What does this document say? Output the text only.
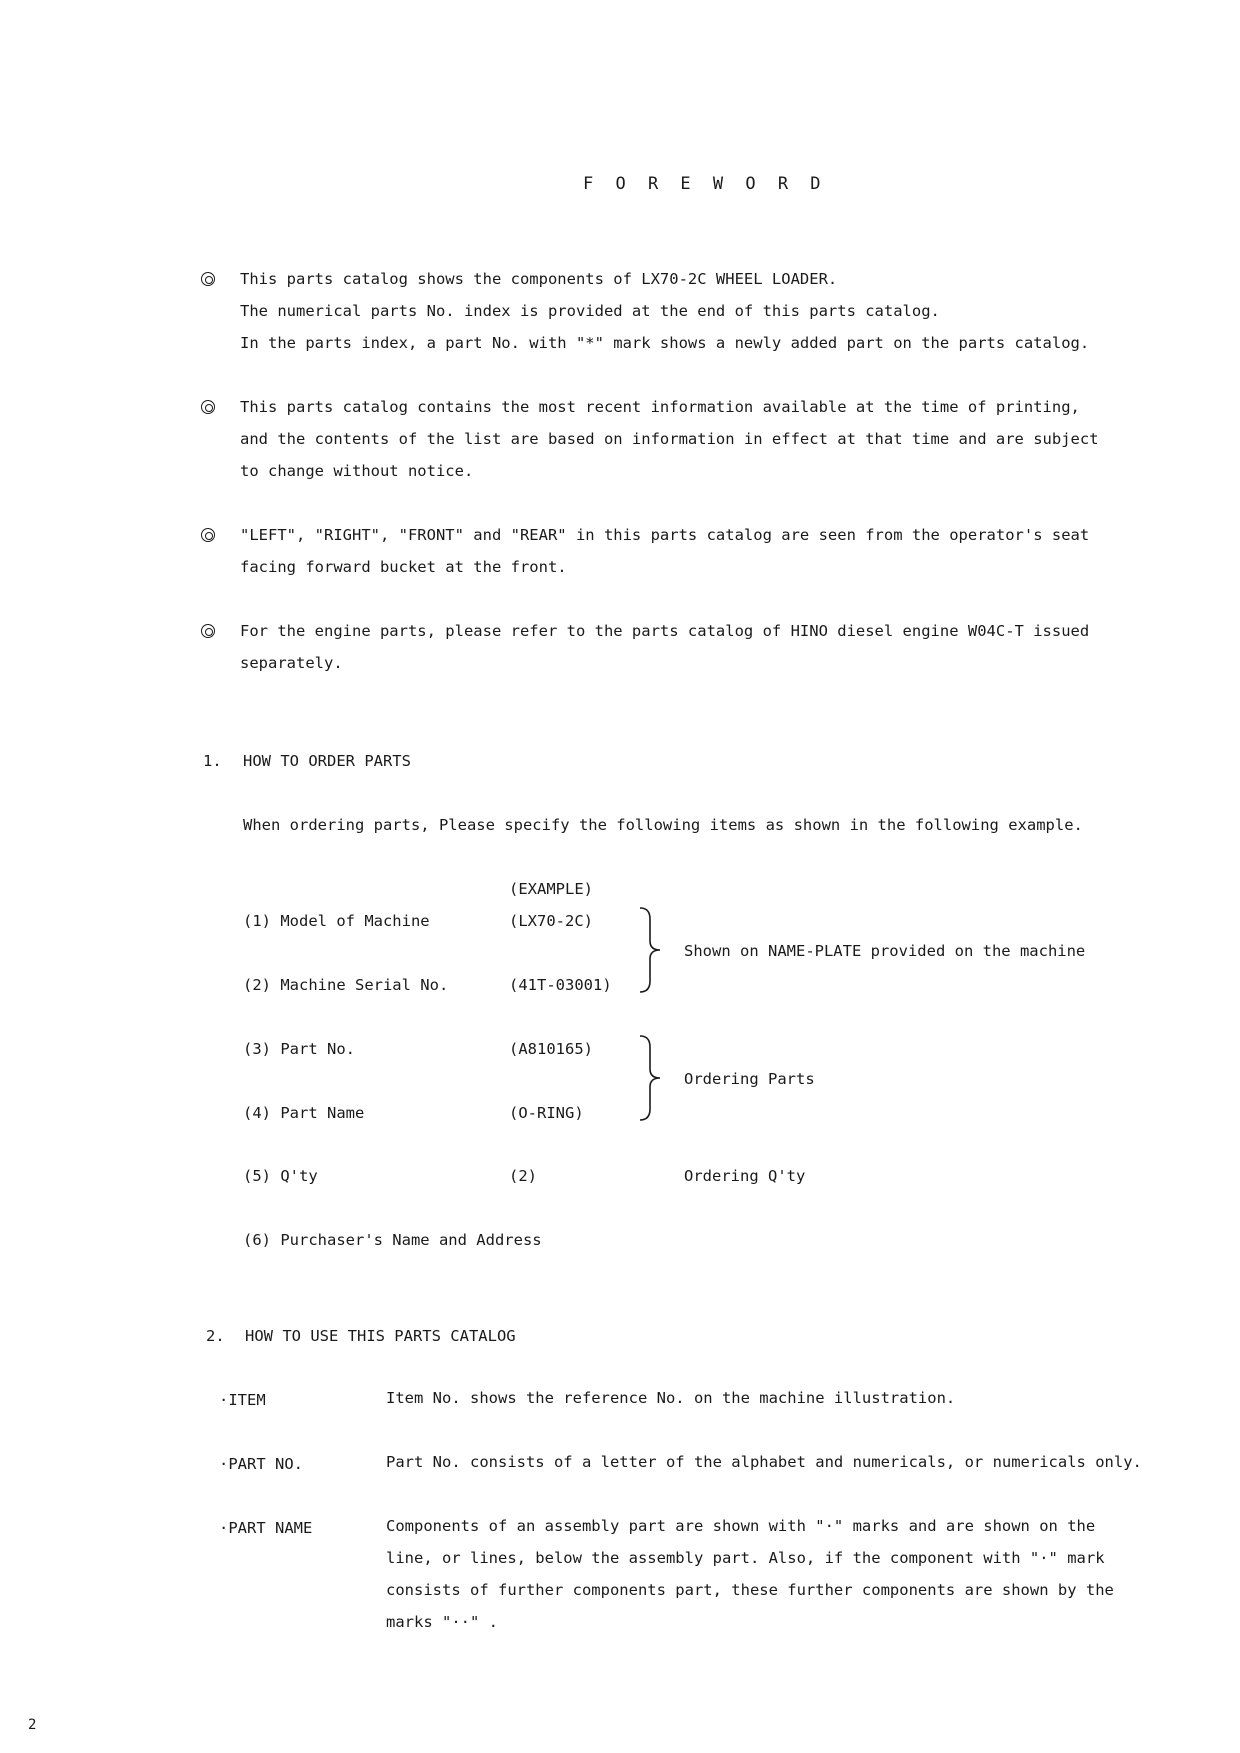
F O R E W O R D
This parts catalog shows the components of LX70-2C WHEEL LOADER.
The numerical parts No. index is provided at the end of this parts catalog.
In the parts index, a part No. with "*" mark shows a newly added part on the parts catalog.
This parts catalog contains the most recent information available at the time of printing,
and the contents of the list are based on information in effect at that time and are subject
to change without notice.
"LEFT", "RIGHT", "FRONT" and "REAR" in this parts catalog are seen from the operator's seat
facing forward bucket at the front.
For the engine parts, please refer to the parts catalog of HINO diesel engine W04C-T issued
separately.
1. HOW TO ORDER PARTS
When ordering parts, Please specify the following items as shown in the following example.
(EXAMPLE)
(1) Model of Machine	(LX70-2C)
(2) Machine Serial No.	(41T-03001)
Shown on NAME-PLATE provided on the machine
(3) Part No.	(A810165)
(4) Part Name	(O-RING)
Ordering Parts
(5) Q'ty	(2)	Ordering Q'ty
(6) Purchaser's Name and Address
2. HOW TO USE THIS PARTS CATALOG
·ITEM	Item No. shows the reference No. on the machine illustration.
·PART NO.	Part No. consists of a letter of the alphabet and numericals, or numericals only.
·PART NAME	Components of an assembly part are shown with "·" marks and are shown on the
line, or lines, below the assembly part. Also, if the component with "·" mark
consists of further components part, these further components are shown by the
marks "··" .
2
